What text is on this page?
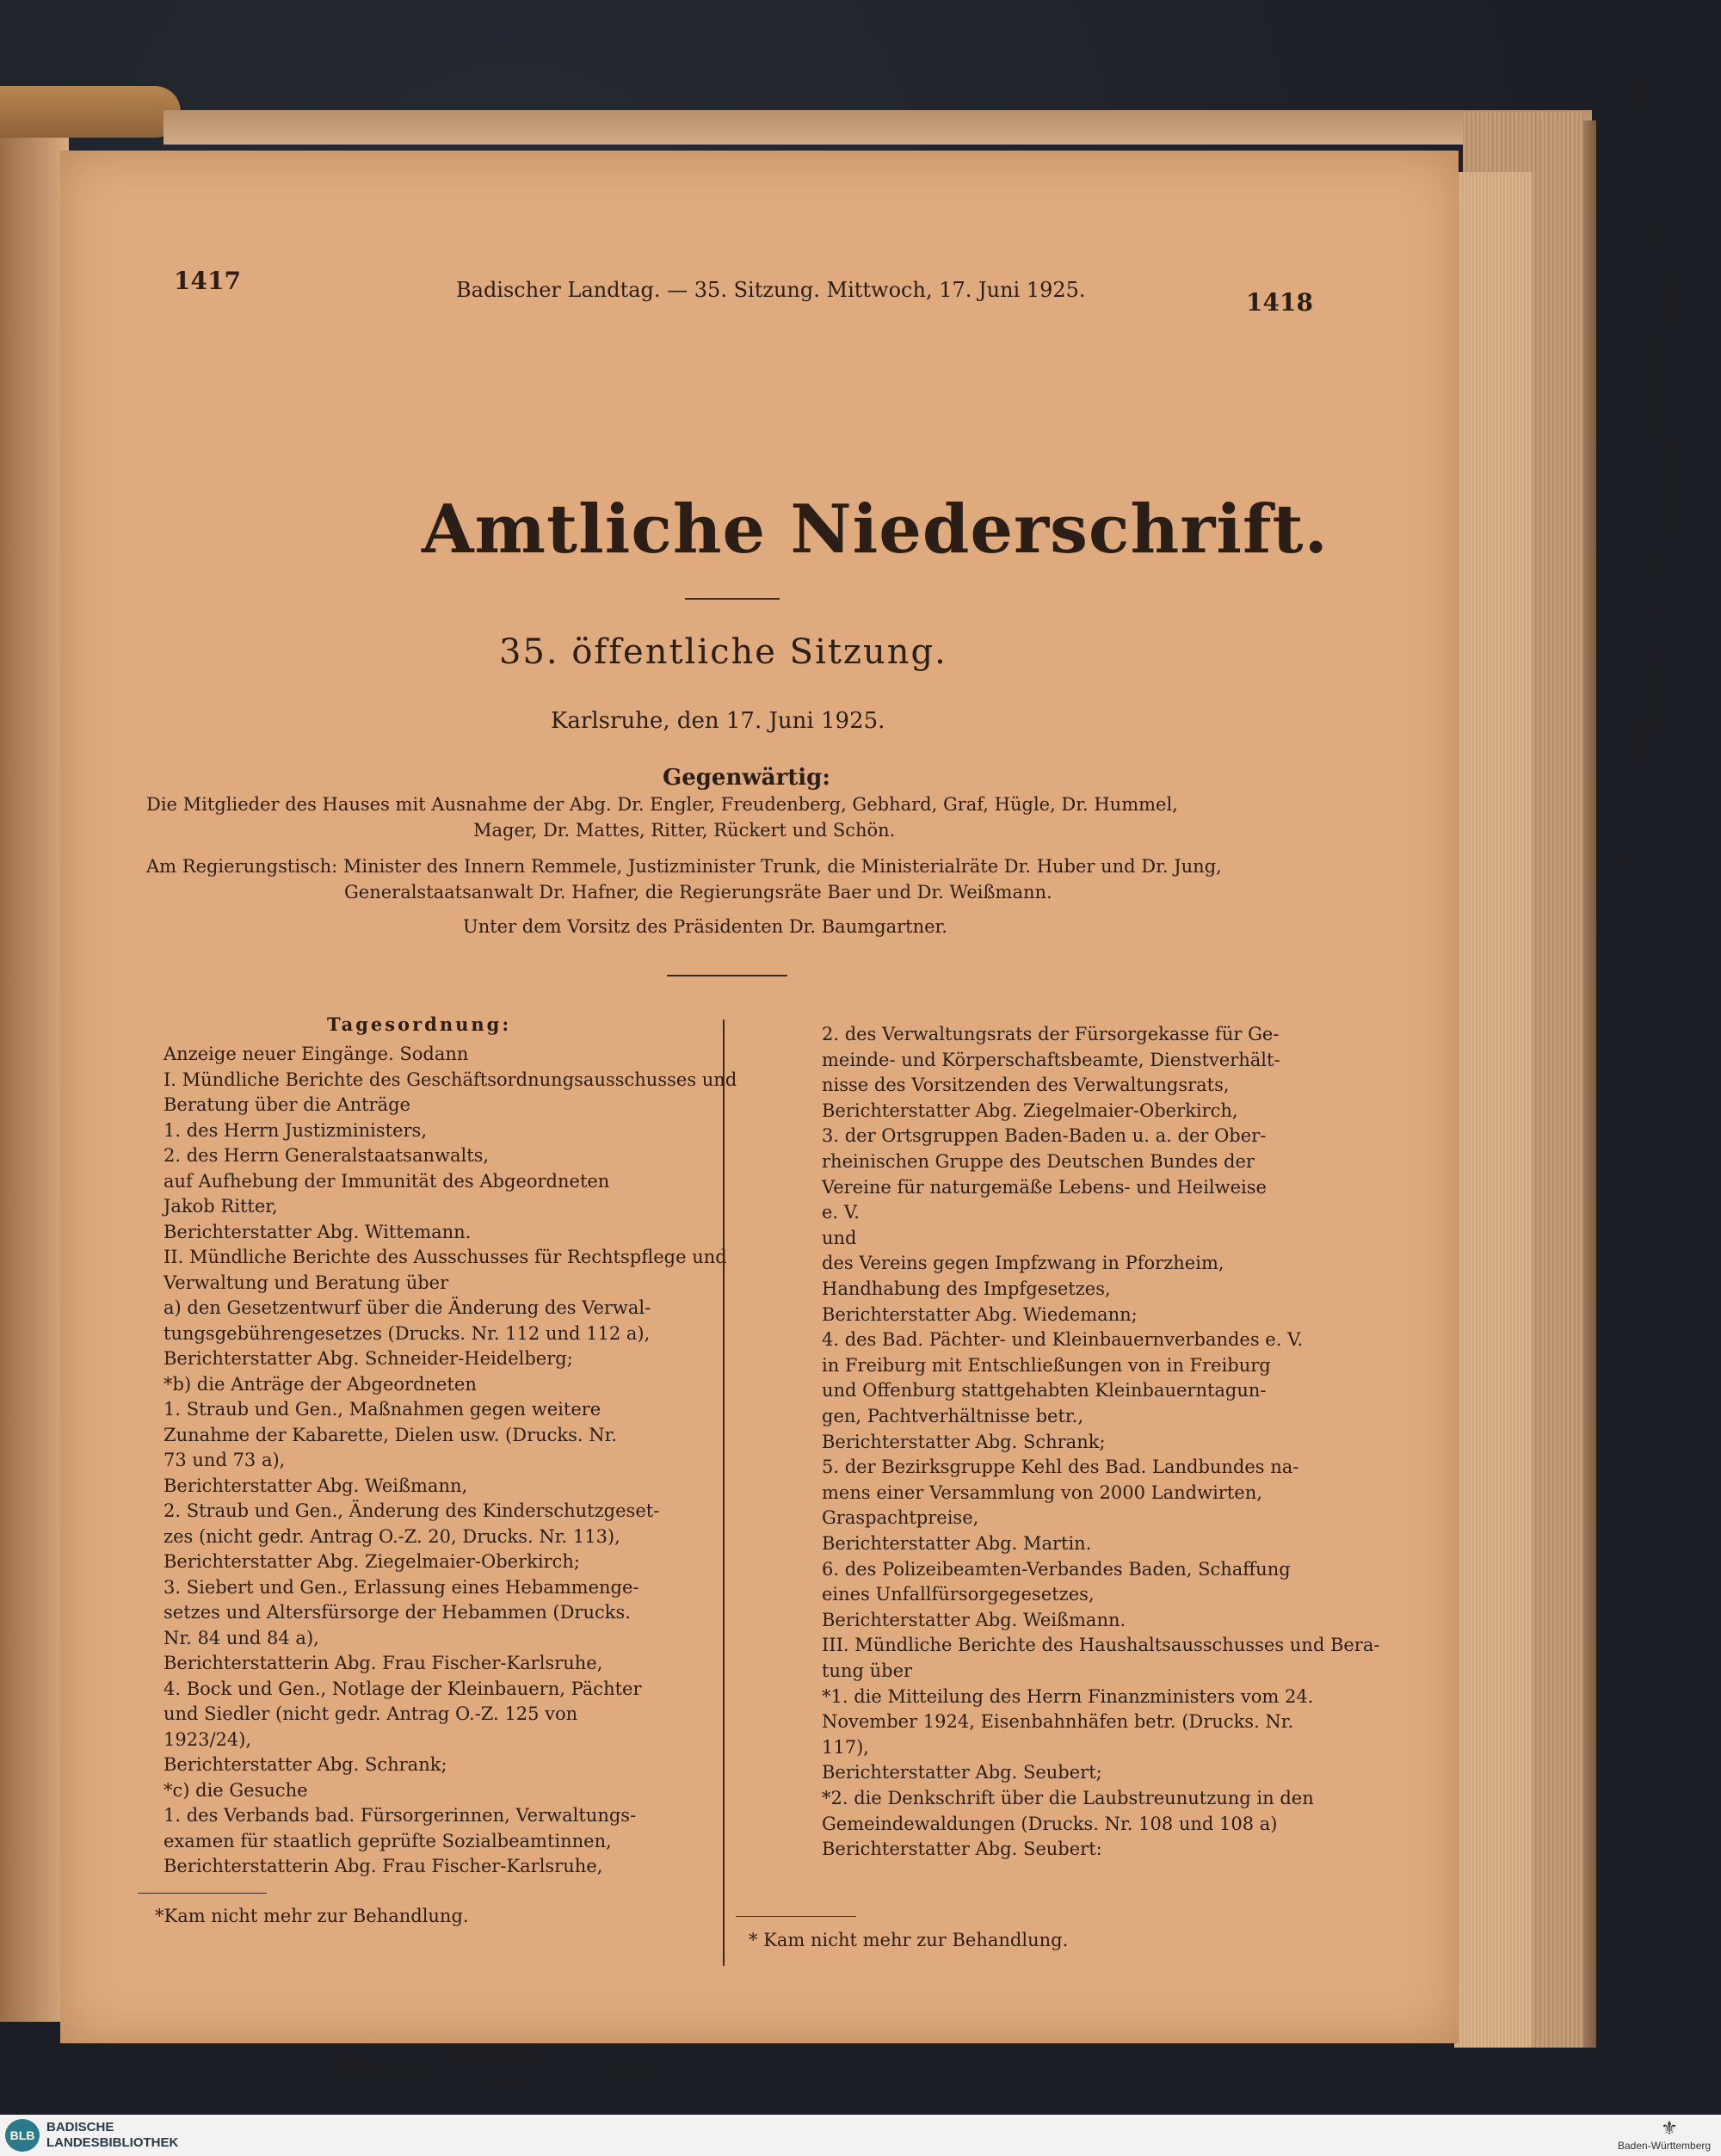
1417	Badischer Landtag. — 35. Sitzung. Mittwoch, 17. Juni 1925.	1418
Amtliche Niederschrift.
35. öffentliche Sitzung.
Karlsruhe, den 17. Juni 1925.
Gegenwärtig:
Die Mitglieder des Hauses mit Ausnahme der Abg. Dr. Engler, Freudenberg, Gebhard, Graf, Hügle, Dr. Hummel,
Mager, Dr. Mattes, Ritter, Rückert und Schön.
Am Regierungstisch: Minister des Innern Remmele, Justizminister Trunk, die Ministerialräte Dr. Huber und Dr. Jung,
Generalstaatsanwalt Dr. Hafner, die Regierungsräte Baer und Dr. Weißmann.
Unter dem Vorsitz des Präsidenten Dr. Baumgartner.
Tagesordnung:
Anzeige neuer Eingänge. Sodann
I. Mündliche Berichte des Geschäftsordnungsausschusses und
Beratung über die Anträge
1. des Herrn Justizministers,
2. des Herrn Generalstaatsanwalts,
auf Aufhebung der Immunität des Abgeordneten
Jakob Ritter,
Berichterstatter Abg. Wittemann.
II. Mündliche Berichte des Ausschusses für Rechtspflege und
Verwaltung und Beratung über
a) den Gesetzentwurf über die Änderung des Verwal-
tungsgebührengesetzes (Drucks. Nr. 112 und 112 a),
Berichterstatter Abg. Schneider-Heidelberg;
*b) die Anträge der Abgeordneten
1. Straub und Gen., Maßnahmen gegen weitere
Zunahme der Kabarette, Dielen usw. (Drucks. Nr.
73 und 73 a),
Berichterstatter Abg. Weißmann,
2. Straub und Gen., Änderung des Kinderschutzgeset-
zes (nicht gedr. Antrag O.-Z. 20, Drucks. Nr. 113),
Berichterstatter Abg. Ziegelmaier-Oberkirch;
3. Siebert und Gen., Erlassung eines Hebammenge-
setzes und Altersfürsorge der Hebammen (Drucks.
Nr. 84 und 84 a),
Berichterstatterin Abg. Frau Fischer-Karlsruhe,
4. Bock und Gen., Notlage der Kleinbauern, Pächter
und Siedler (nicht gedr. Antrag O.-Z. 125 von
1923/24),
Berichterstatter Abg. Schrank;
*c) die Gesuche
1. des Verbands bad. Fürsorgerinnen, Verwaltungs-
examen für staatlich geprüfte Sozialbeamtinnen,
Berichterstatterin Abg. Frau Fischer-Karlsruhe,
*Kam nicht mehr zur Behandlung.
2. des Verwaltungsrats der Fürsorgekasse für Ge-
meinde- und Körperschaftsbeamte, Dienstverhält-
nisse des Vorsitzenden des Verwaltungsrats,
Berichterstatter Abg. Ziegelmaier-Oberkirch,
3. der Ortsgruppen Baden-Baden u. a. der Ober-
rheinischen Gruppe des Deutschen Bundes der
Vereine für naturgemäße Lebens- und Heilweise
e. V.
und
des Vereins gegen Impfzwang in Pforzheim,
Handhabung des Impfgesetzes,
Berichterstatter Abg. Wiedemann;
4. des Bad. Pächter- und Kleinbauernverbandes e. V.
in Freiburg mit Entschließungen von in Freiburg
und Offenburg stattgehabten Kleinbauerntagun-
gen, Pachtverhältnisse betr.,
Berichterstatter Abg. Schrank;
5. der Bezirksgruppe Kehl des Bad. Landbundes na-
mens einer Versammlung von 2000 Landwirten,
Graspachtpreise,
Berichterstatter Abg. Martin.
6. des Polizeibeamten-Verbandes Baden, Schaffung
eines Unfallfürsorgegesetzes,
Berichterstatter Abg. Weißmann.
III. Mündliche Berichte des Haushaltsausschusses und Bera-
tung über
*1. die Mitteilung des Herrn Finanzministers vom 24.
November 1924, Eisenbahnhäfen betr. (Drucks. Nr.
117),
Berichterstatter Abg. Seubert;
*2. die Denkschrift über die Laubstreunutzung in den
Gemeindewaldungen (Drucks. Nr. 108 und 108 a)
Berichterstatter Abg. Seubert:
* Kam nicht mehr zur Behandlung.
BLB
BADISCHE
LANDESBIBLIOTHEK
⚜
Baden-Württemberg
